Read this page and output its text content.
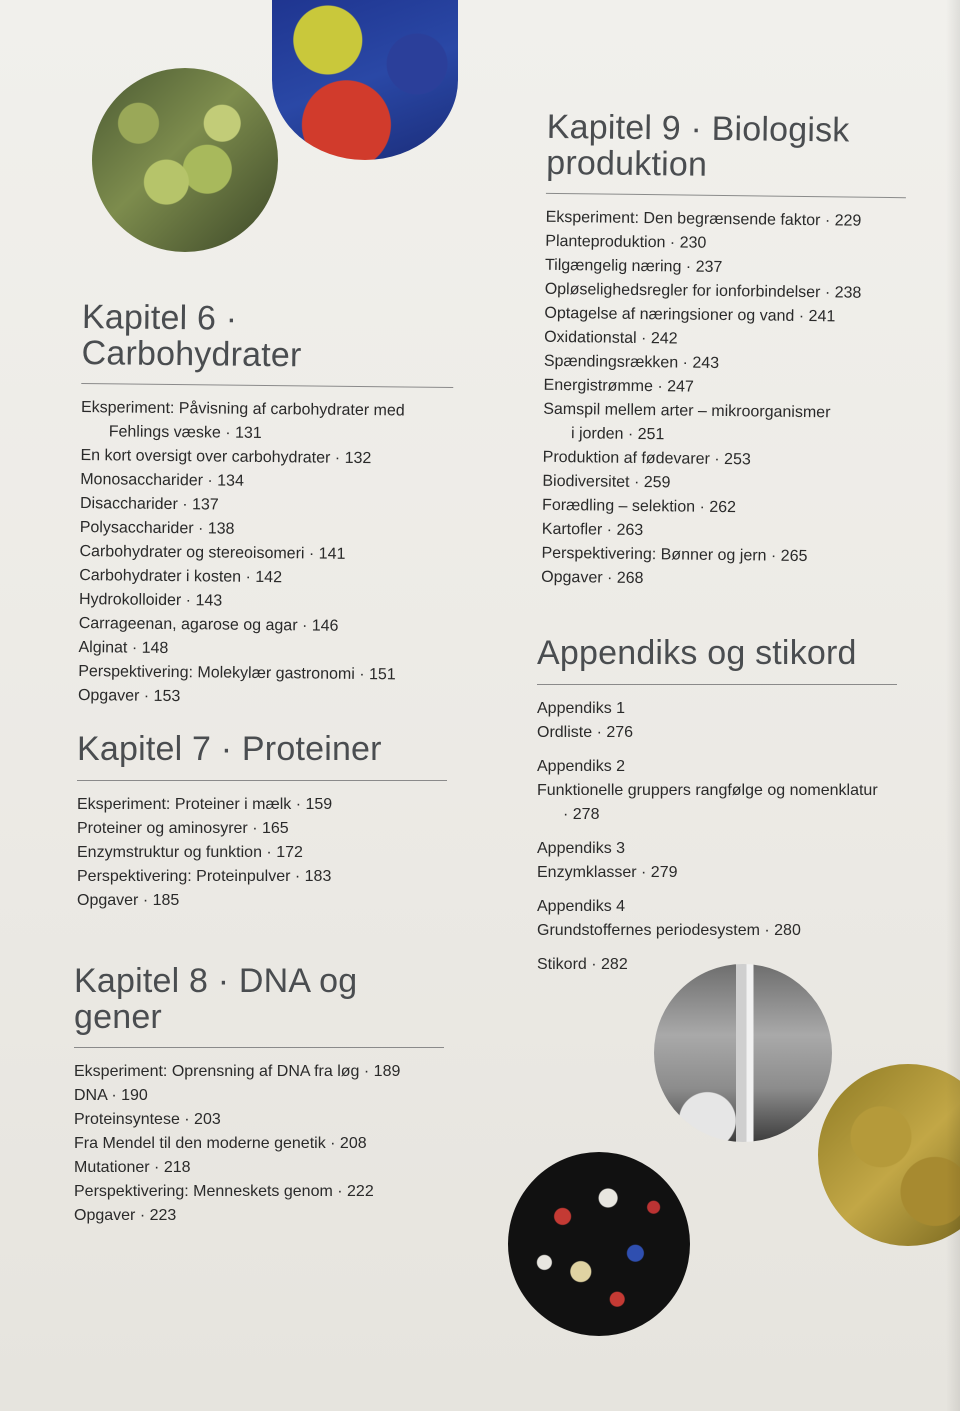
Kapitel 6 · Carbohydrater
Eksperiment: Påvisning af carbohydrater med
Fehlings væske · 131
En kort oversigt over carbohydrater · 132
Monosaccharider · 134
Disaccharider · 137
Polysaccharider · 138
Carbohydrater og stereoisomeri · 141
Carbohydrater i kosten · 142
Hydrokolloider · 143
Carrageenan, agarose og agar · 146
Alginat · 148
Perspektivering: Molekylær gastronomi · 151
Opgaver · 153
Kapitel 7 · Proteiner
Eksperiment: Proteiner i mælk · 159
Proteiner og aminosyrer · 165
Enzymstruktur og funktion · 172
Perspektivering: Proteinpulver · 183
Opgaver · 185
Kapitel 8 · DNA og gener
Eksperiment: Oprensning af DNA fra løg · 189
DNA · 190
Proteinsyntese · 203
Fra Mendel til den moderne genetik · 208
Mutationer · 218
Perspektivering: Menneskets genom · 222
Opgaver · 223
Kapitel 9 · Biologisk
produktion
Eksperiment: Den begrænsende faktor · 229
Planteproduktion · 230
Tilgængelig næring · 237
Opløselighedsregler for ionforbindelser · 238
Optagelse af næringsioner og vand · 241
Oxidationstal · 242
Spændingsrækken · 243
Energistrømme · 247
Samspil mellem arter – mikroorganismer
i jorden · 251
Produktion af fødevarer · 253
Biodiversitet · 259
Forædling – selektion · 262
Kartofler · 263
Perspektivering: Bønner og jern · 265
Opgaver · 268
Appendiks og stikord
Appendiks 1
Ordliste · 276
Appendiks 2
Funktionelle gruppers rangfølge og nomenklatur
· 278
Appendiks 3
Enzymklasser · 279
Appendiks 4
Grundstoffernes periodesystem · 280
Stikord · 282
